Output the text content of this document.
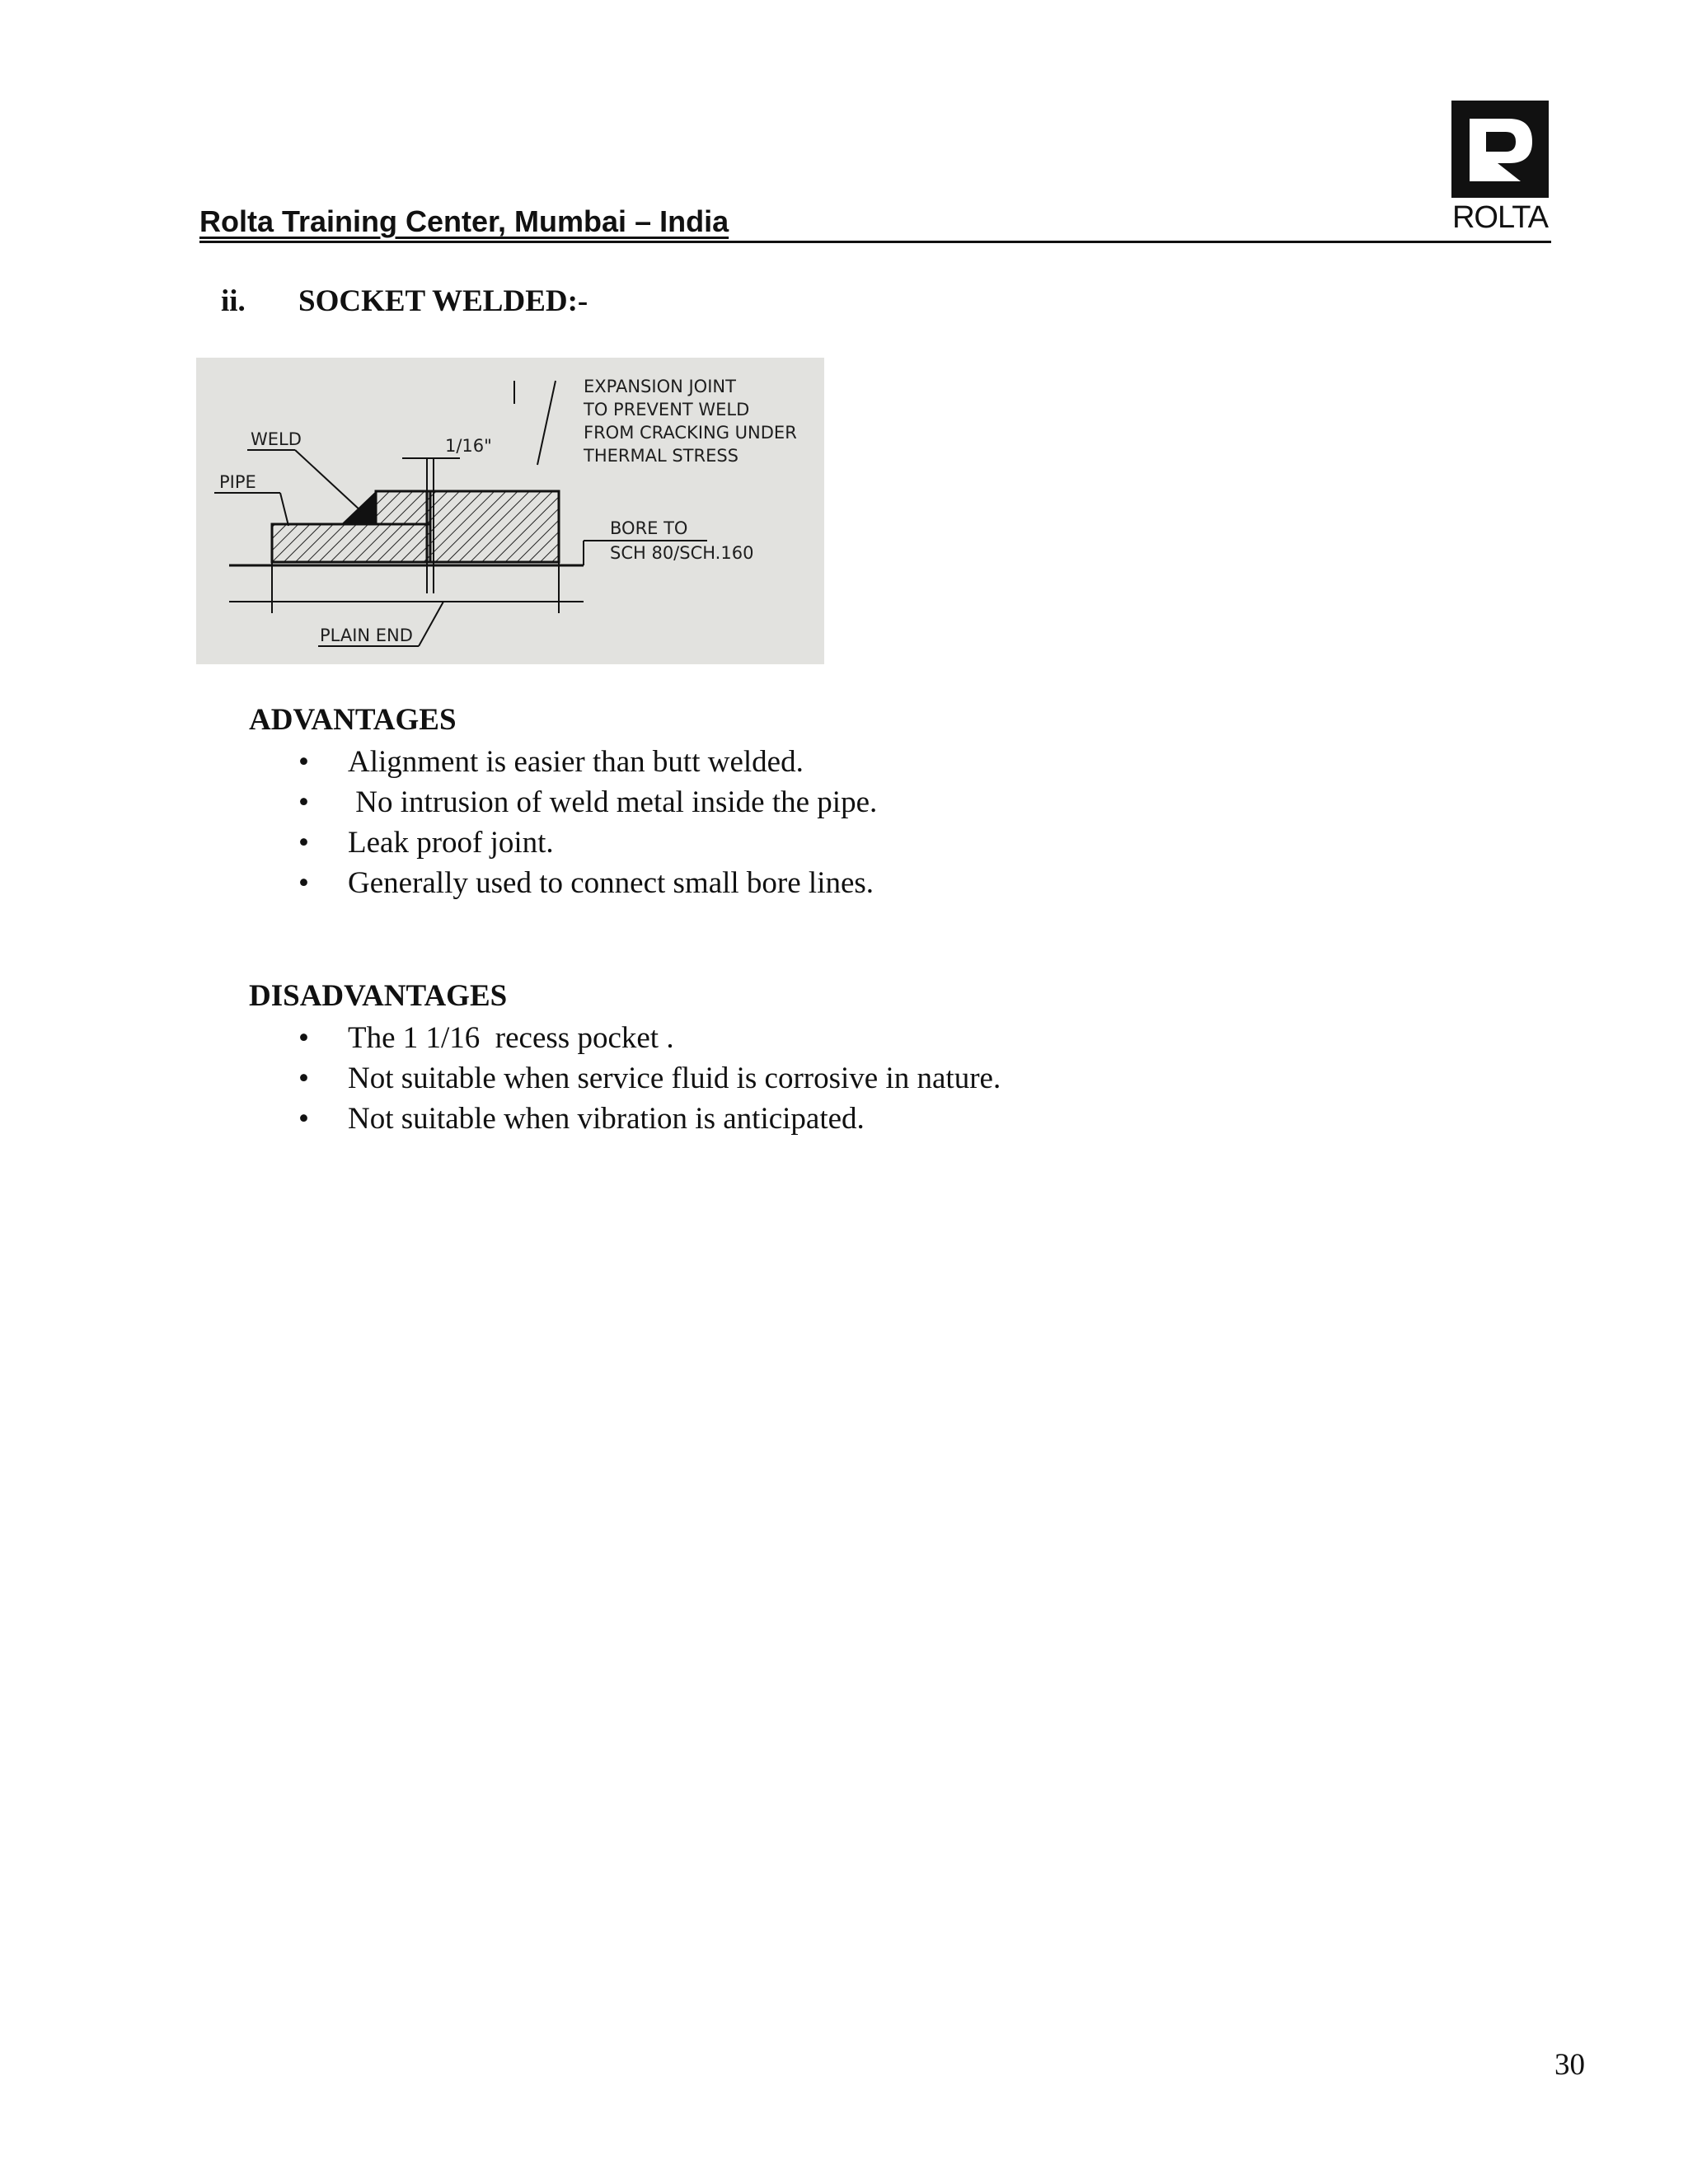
Rolta Training Center, Mumbai – India	ROLTA
ii. SOCKET WELDED:-
EXPANSION JOINT
TO PREVENT WELD
FROM CRACKING UNDER
THERMAL STRESS
1/16"
WELD
PIPE
BORE TO
SCH 80/SCH.160
PLAIN END
ADVANTAGES
• Alignment is easier than butt welded.
• No intrusion of weld metal inside the pipe.
• Leak proof joint.
• Generally used to connect small bore lines.
DISADVANTAGES
• The 1 1/16  recess pocket .
• Not suitable when service fluid is corrosive in nature.
• Not suitable when vibration is anticipated.
30
